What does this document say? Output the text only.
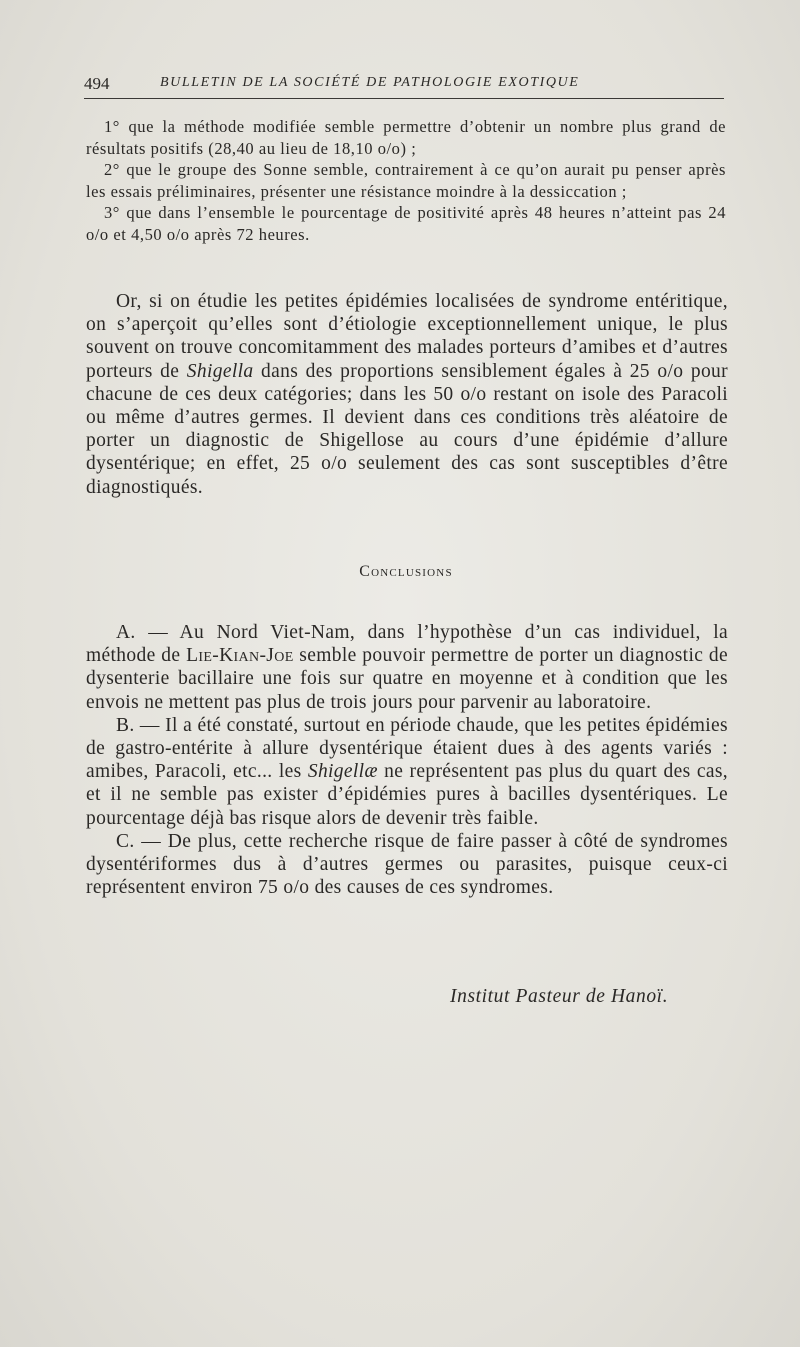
494	BULLETIN DE LA SOCIÉTÉ DE PATHOLOGIE EXOTIQUE

1° que la méthode modifiée semble permettre d’obtenir un nombre plus grand de résultats positifs (28,40 au lieu de 18,10 o/o) ;

2° que le groupe des Sonne semble, contrairement à ce qu’on aurait pu penser après les essais préliminaires, présenter une résistance moindre à la dessiccation ;

3° que dans l’ensemble le pourcentage de positivité après 48 heures n’atteint pas 24 o/o et 4,50 o/o après 72 heures.

Or, si on étudie les petites épidémies localisées de syndrome entéritique, on s’aperçoit qu’elles sont d’étiologie exceptionnellement unique, le plus souvent on trouve concomitamment des malades porteurs d’amibes et d’autres porteurs de Shigella dans des proportions sensiblement égales à 25 o/o pour chacune de ces deux catégories; dans les 50 o/o restant on isole des Paracoli ou même d’autres germes. Il devient dans ces conditions très aléatoire de porter un diagnostic de Shigellose au cours d’une épidémie d’allure dysentérique; en effet, 25 o/o seulement des cas sont susceptibles d’être diagnostiqués.

Conclusions

A. — Au Nord Viet-Nam, dans l’hypothèse d’un cas individuel, la méthode de Lie-Kian-Joe semble pouvoir permettre de porter un diagnostic de dysenterie bacillaire une fois sur quatre en moyenne et à condition que les envois ne mettent pas plus de trois jours pour parvenir au laboratoire.

B. — Il a été constaté, surtout en période chaude, que les petites épidémies de gastro-entérite à allure dysentérique étaient dues à des agents variés : amibes, Paracoli, etc... les Shigellæ ne représentent pas plus du quart des cas, et il ne semble pas exister d’épidémies pures à bacilles dysentériques. Le pourcentage déjà bas risque alors de devenir très faible.

C. — De plus, cette recherche risque de faire passer à côté de syndromes dysentériformes dus à d’autres germes ou parasites, puisque ceux-ci représentent environ 75 o/o des causes de ces syndromes.

Institut Pasteur de Hanoï.
